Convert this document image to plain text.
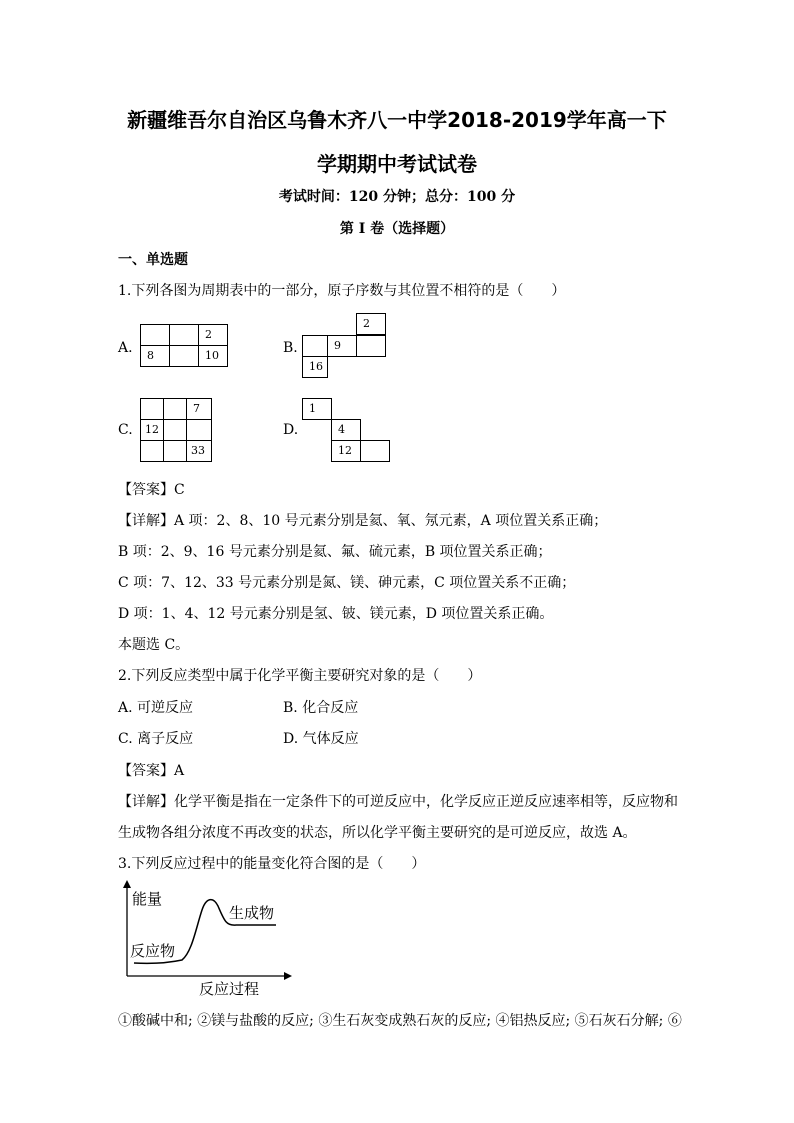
新疆维吾尔自治区乌鲁木齐八一中学2018-2019学年高一下
学期期中考试试卷
考试时间：120 分钟；总分：100 分
第 I 卷（选择题）
一、单选题
1.下列各图为周期表中的一部分，原子序数与其位置不相符的是（　　）
A.
2
8	10	B.
2
9
16
C.
7
12
33
D.
1
4
12
【答案】C
【详解】A 项：2、8、10 号元素分别是氦、氧、氖元素，A 项位置关系正确；
B 项：2、9、16 号元素分别是氦、氟、硫元素，B 项位置关系正确；
C 项：7、12、33 号元素分别是氮、镁、砷元素，C 项位置关系不正确；
D 项：1、4、12 号元素分别是氢、铍、镁元素，D 项位置关系正确。
本题选 C。
2.下列反应类型中属于化学平衡主要研究对象的是（　　）
A. 可逆反应	B. 化合反应
C. 离子反应	D. 气体反应
【答案】A
【详解】化学平衡是指在一定条件下的可逆反应中，化学反应正逆反应速率相等，反应物和
生成物各组分浓度不再改变的状态，所以化学平衡主要研究的是可逆反应，故选 A。
3.下列反应过程中的能量变化符合图的是（　　）
能量
生成物
反应物
反应过程
①酸碱中和; ②镁与盐酸的反应; ③生石灰变成熟石灰的反应; ④铝热反应; ⑤石灰石分解; ⑥
